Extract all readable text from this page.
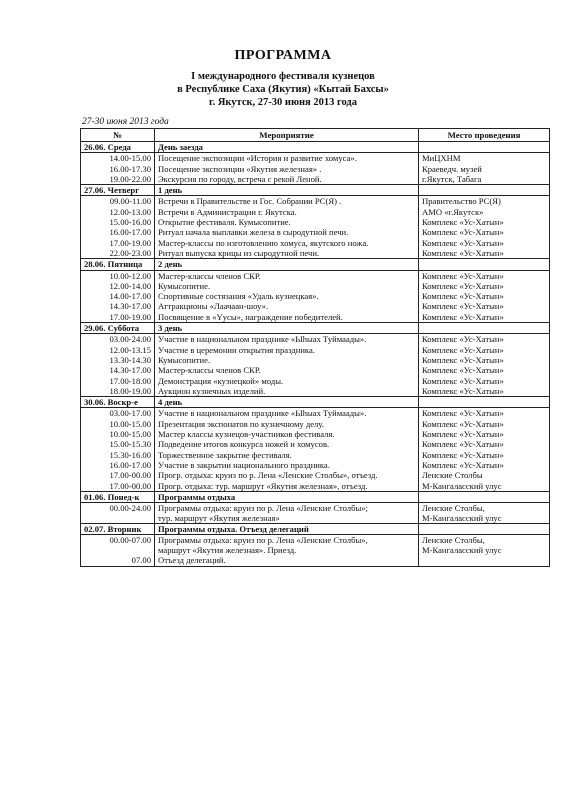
ПРОГРАММА
I международного фестиваля кузнецов
в Республике Саха (Якутия) «Кытай Бахсы»
г. Якутск, 27-30 июня 2013 года
27-30 июня 2013 года
№	Мероприятие	Место проведения
26.06. Среда	День заезда	
14.00-15.00	Посещение экспозиции «История и развитие хомуса».	МиЦХНМ
16.00-17.30	Посещение экспозиции «Якутия железная» .	Краеведч. музей
19.00-22.00	Экскурсия по городу, встреча с рекой Леной.	г.Якутск, Табага
27.06. Четверг	1 день	
09.00-11.00	Встречи в Правительстве и Гос. Собрании РС(Я) .	Правительство РС(Я)
12.00-13.00	Встречи в Администрации г. Якутска.	АМО «г.Якутск»
15.00-16.00	Открытие фестиваля. Кумысопитие.	Комплекс «Ус-Хатын»
16.00-17.00	Ритуал начала выплавки железа в сыродутной печи.	Комплекс «Ус-Хатын»
17.00-19.00	Мастер-классы по изготовлению хомуса, якутского ножа.	Комплекс «Ус-Хатын»
22.00-23.00	Ритуал выпуска крицы из сыродутной печи.	Комплекс «Ус-Хатын»
28.06. Пятница	2 день	
10.00-12.00	Мастер-классы членов СКР.	Комплекс «Ус-Хатын»
12.00-14.00	Кумысопитие.	Комплекс «Ус-Хатын»
14.00-17.00	Спортивные состязания «Удаль кузнецкая».	Комплекс «Ус-Хатын»
14.30-17.00	Аттракционы «Лаачаан-шоу».	Комплекс «Ус-Хатын»
17.00-19.00	Посвящение в «Үусы», награждение победителей.	Комплекс «Ус-Хатын»
29.06. Суббота	3 день	
03.00-24.00	Участие в национальном празднике «Ыһыах Туймаады».	Комплекс «Ус-Хатын»
12.00-13.15	Участие в церемонии открытия праздника.	Комплекс «Ус-Хатын»
13.30-14.30	Кумысопитие.	Комплекс «Ус-Хатын»
14.30-17.00	Мастер-классы членов СКР.	Комплекс «Ус-Хатын»
17.00-18.00	Демонстрация «кузнецкой» моды.	Комплекс «Ус-Хатын»
18.00-19.00	Аукцион кузнечных изделий.	Комплекс «Ус-Хатын»
30.06. Воскр-е	4 день	
03.00-17.00	Участие в национальном празднике «Ыһыах Туймаады».	Комплекс «Ус-Хатын»
10.00-15.00	Презентация экспонатов по кузнечному делу.	Комплекс «Ус-Хатын»
10.00-15.00	Мастер классы кузнецов-участников фестиваля.	Комплекс «Ус-Хатын»
15.00-15.30	Подведение итогов конкурса ножей и хомусов.	Комплекс «Ус-Хатын»
15.30-16.00	Торжественное закрытие фестиваля.	Комплекс «Ус-Хатын»
16.00-17.00	Участие в закрытии национального праздника.	Комплекс «Ус-Хатын»
17.00-00.00	Прогр. отдыха: круиз по р. Лена «Ленские Столбы», отъезд.	Ленские Столбы
17.00-00.00	Прогр. отдыха: тур. маршрут «Якутия железная», отъезд.	М-Кангаласский улус
01.06. Понед-к	Программы отдыха	
00.00-24.00	Программы отдыха: круиз по р. Лена «Ленские Столбы»;
тур. маршрут «Якутия железная»	Ленские Столбы,
М-Кангаласский улус

02.07. Вторник	Программы отдыха. Отъезд делегаций	
00.00-07.00	Программы отдыха: круиз по р. Лена «Ленские Столбы»,
маршрут «Якутия железная». Приезд.	Ленские Столбы,
М-Кангаласский улус

07.00	Отъезд делегаций.	
